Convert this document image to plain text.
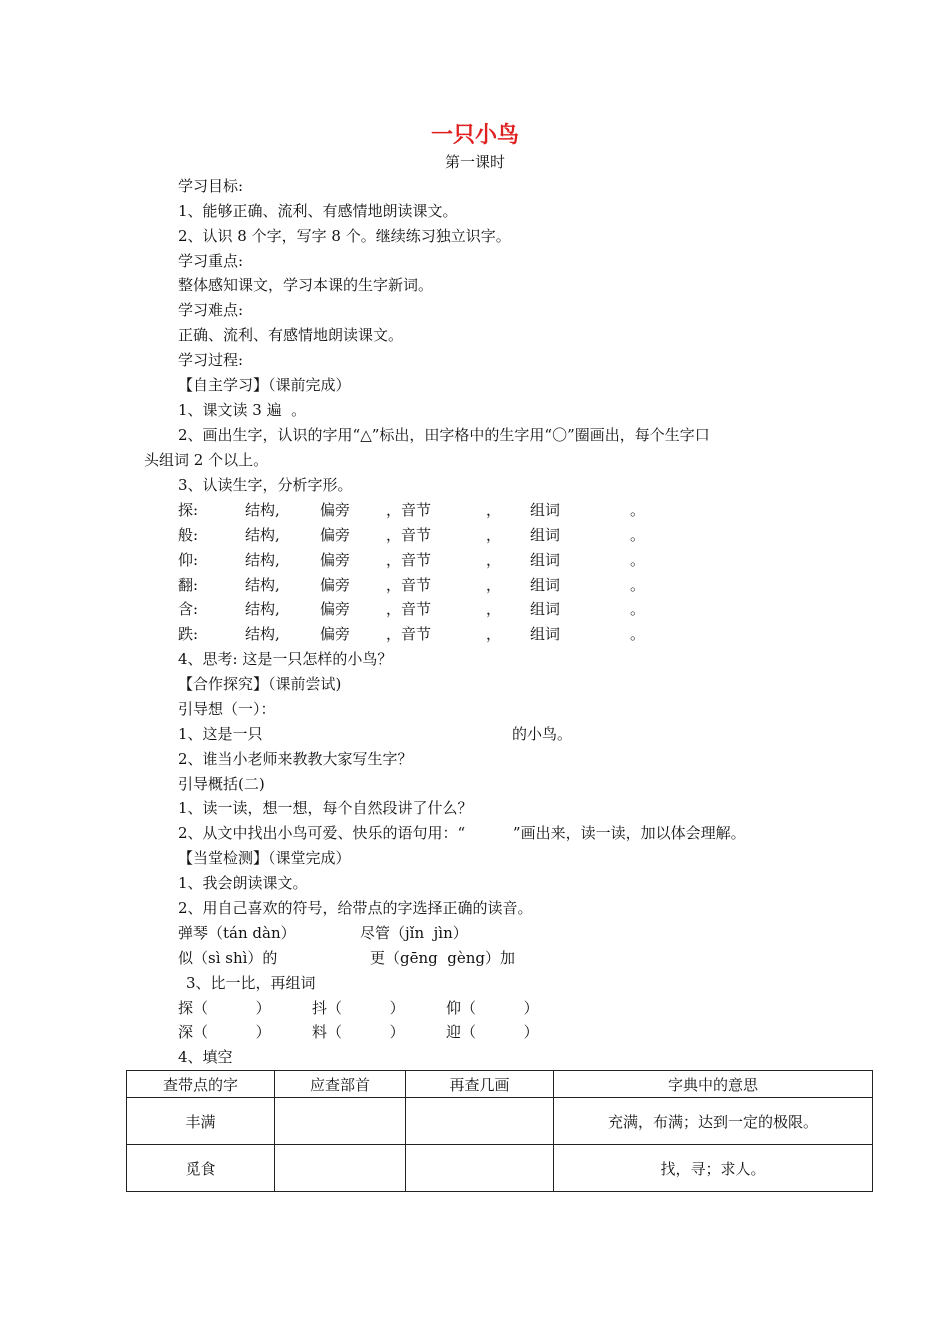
一只小鸟
第一课时
学习目标:
1、能够正确、流利、有感情地朗读课文。
2、认识 8 个字，写字 8 个。继续练习独立识字。
学习重点:
整体感知课文，学习本课的生字新词。
学习难点:
正确、流利、有感情地朗读课文。
学习过程:
【自主学习】（课前完成）
1、课文读 3 遍  。
2、画出生字，认识的字用“△”标出，田字格中的生字用“〇”圈画出，每个生字口
头组词 2 个以上。
3、认读生字，分析字形。
探:	结构,	偏旁 ，音节	， 组词	。
般:	结构,	偏旁 ，音节	， 组词	。
仰:	结构,	偏旁 ，音节	， 组词	。
翻:	结构,	偏旁 ，音节	， 组词	。
含:	结构,	偏旁 ，音节	， 组词	。
跌:	结构,	偏旁 ，音节	， 组词	。
4、思考: 这是一只怎样的小鸟？
【合作探究】（课前尝试)
引导想（一）：
1、这是一只	的小鸟。
2、谁当小老师来教教大家写生字？
引导概括(二)
1、读一读，想一想，每个自然段讲了什么？
2、从文中找出小鸟可爱、快乐的语句用：“          ”画出来，读一读，加以体会理解。
【当堂检测】（课堂完成）
1、我会朗读课文。
2、用自己喜欢的符号，给带点的字选择正确的读音。
弹琴（tán dàn）	尽管（jǐn  jìn）
似（sì shì）的	更（gēng  gèng）加
3、比一比，再组词
探（          ）	抖（          ）	仰（          ）
深（          ）	料（          ）	迎（          ）
4、填空
查带点的字	应查部首	再查几画	字典中的意思
丰满			充满，布满；达到一定的极限。
觅食			找，寻；求人。
